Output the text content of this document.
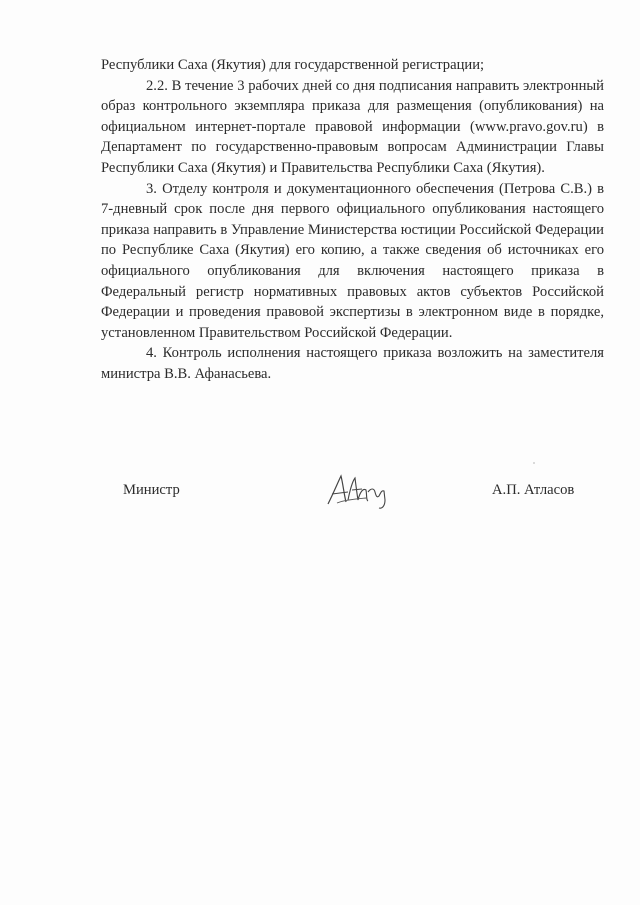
Республики Саха (Якутия) для государственной регистрации;

2.2. В течение 3 рабочих дней со дня подписания направить электронный образ контрольного экземпляра приказа для размещения (опубликования) на официальном интернет-портале правовой информации (www.pravo.gov.ru) в Департамент по государственно-правовым вопросам Администрации Главы Республики Саха (Якутия) и Правительства Республики Саха (Якутия).

3. Отделу контроля и документационного обеспечения (Петрова С.В.) в 7-дневный срок после дня первого официального опубликования настоящего приказа направить в Управление Министерства юстиции Российской Федерации по Республике Саха (Якутия) его копию, а также сведения об источниках его официального опубликования для включения настоящего приказа в Федеральный регистр нормативных правовых актов субъектов Российской Федерации и проведения правовой экспертизы в электронном виде в порядке, установленном Правительством Российской Федерации.

4. Контроль исполнения настоящего приказа возложить на заместителя министра В.В. Афанасьева.

Министр	А.П. Атласов
